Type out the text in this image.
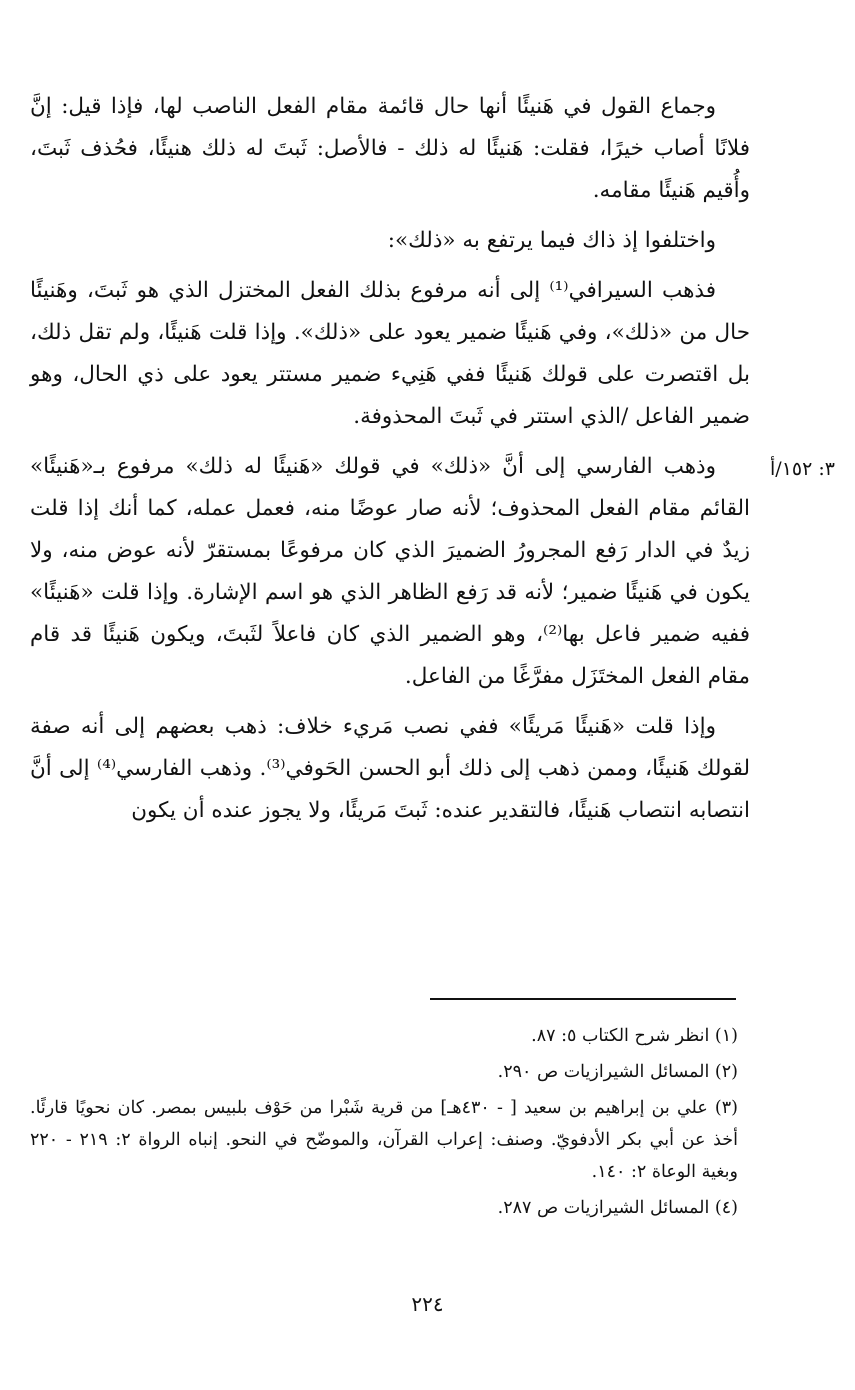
وجماع القول في هَنيئًا أنها حال قائمة مقام الفعل الناصب لها، فإذا قيل: إنَّ فلانًا أصاب خيرًا، فقلت: هَنيئًا له ذلك - فالأصل: ثَبتَ له ذلك هنيئًا، فحُذف ثَبتَ، وأُقيم هَنيئًا مقامه.

واختلفوا إذ ذاك فيما يرتفع به «ذلك»:

فذهب السيرافي⁽¹⁾ إلى أنه مرفوع بذلك الفعل المختزل الذي هو ثَبتَ، وهَنيئًا حال من «ذلك»، وفي هَنيئًا ضمير يعود على «ذلك». وإذا قلت هَنيئًا، ولم تقل ذلك، بل اقتصرت على قولك هَنيئًا ففي هَنِيء ضمير مستتر يعود على ذي الحال، وهو ضمير الفاعل /الذي استتر في ثَبتَ المحذوفة.

وذهب الفارسي إلى أنَّ «ذلك» في قولك «هَنيئًا له ذلك» مرفوع بـ«هَنيئًا» القائم مقام الفعل المحذوف؛ لأنه صار عوضًا منه، فعمل عمله، كما أنك إذا قلت زيدٌ في الدار رَفع المجرورُ الضميرَ الذي كان مرفوعًا بمستقرّ لأنه عوض منه، ولا يكون في هَنيئًا ضمير؛ لأنه قد رَفع الظاهر الذي هو اسم الإشارة. وإذا قلت «هَنيئًا» ففيه ضمير فاعل بها⁽²⁾، وهو الضمير الذي كان فاعلاً لثَبتَ، ويكون هَنيئًا قد قام مقام الفعل المختَزَل مفرَّغًا من الفاعل.

وإذا قلت «هَنيئًا مَريئًا» ففي نصب مَريء خلاف: ذهب بعضهم إلى أنه صفة لقولك هَنيئًا، وممن ذهب إلى ذلك أبو الحسن الحَوفي⁽³⁾. وذهب الفارسي⁽⁴⁾ إلى أنَّ انتصابه انتصاب هَنيئًا، فالتقدير عنده: ثَبتَ مَريئًا، ولا يجوز عنده أن يكون

٣: ١٥٢/أ

(١) انظر شرح الكتاب ٥: ٨٧.

(٢) المسائل الشيرازيات ص ٢٩٠.

(٣) علي بن إبراهيم بن سعيد [ - ٤٣٠هـ] من قرية شَبْرا من حَوْف بلبيس بمصر. كان نحويًا قارئًا. أخذ عن أبي بكر الأدفويّ. وصنف: إعراب القرآن، والموضّح في النحو. إنباه الرواة ٢: ٢١٩ - ٢٢٠ وبغية الوعاة ٢: ١٤٠.

(٤) المسائل الشيرازيات ص ٢٨٧.

٢٢٤
